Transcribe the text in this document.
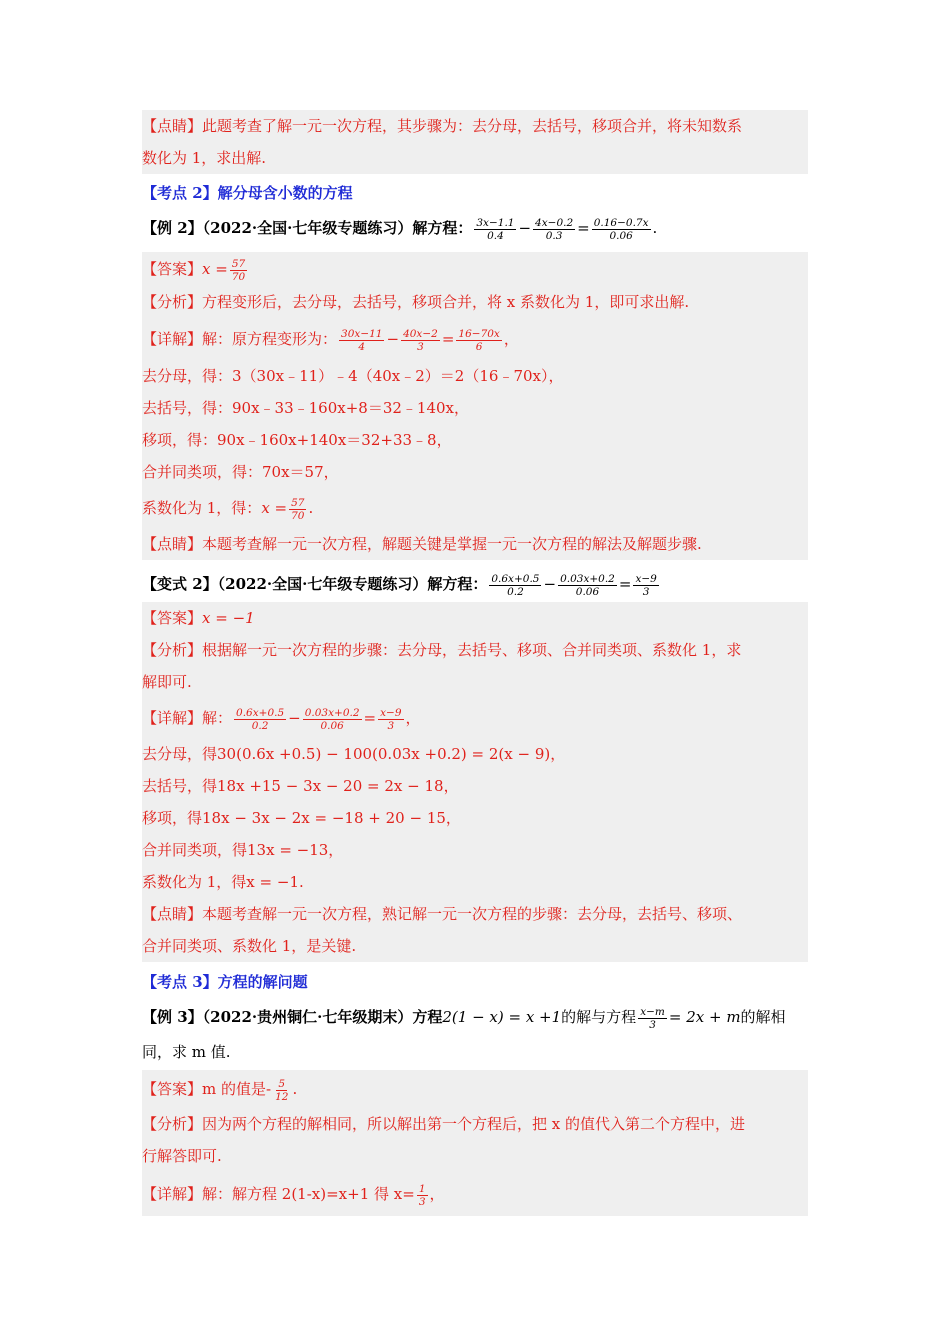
【点睛】此题考查了解一元一次方程，其步骤为：去分母，去括号，移项合并，将未知数系
数化为 1，求出解.
【考点 2】解分母含小数的方程
【例 2】（2022·全国·七年级专题练习）解方程： $\frac{3x-1.1}{0.4} - \frac{4x-0.2}{0.3} = \frac{0.16-0.7x}{0.06}$ .
【答案】$x = \frac{57}{70}$
【分析】方程变形后，去分母，去括号，移项合并，将 x 系数化为 1，即可求出解.
【详解】解：原方程变形为： $\frac{30x-11}{4} - \frac{40x-2}{3} = \frac{16-70x}{6}$ ，
去分母，得：3（30x﹣11）﹣4（40x﹣2）＝2（16﹣70x），
去括号，得：90x﹣33﹣160x+8＝32﹣140x，
移项，得：90x﹣160x+140x＝32+33﹣8，
合并同类项，得：70x＝57，
系数化为 1，得：$x = \frac{57}{70}$ .
【点睛】本题考查解一元一次方程，解题关键是掌握一元一次方程的解法及解题步骤.
【变式 2】（2022·全国·七年级专题练习）解方程： $\frac{0.6x+0.5}{0.2} - \frac{0.03x+0.2}{0.06} = \frac{x-9}{3}$
【答案】x = −1
【分析】根据解一元一次方程的步骤：去分母，去括号、移项、合并同类项、系数化 1，求
解即可.
【详解】解： $\frac{0.6x+0.5}{0.2} - \frac{0.03x+0.2}{0.06} = \frac{x-9}{3}$ ，
去分母，得30(0.6x +0.5) − 100(0.03x +0.2) = 2(x − 9)，
去括号，得18x +15 − 3x − 20 = 2x − 18，
移项，得18x − 3x − 2x = −18 + 20 − 15，
合并同类项，得13x = −13，
系数化为 1，得x = −1.
【点睛】本题考查解一元一次方程，熟记解一元一次方程的步骤：去分母，去括号、移项、
合并同类项、系数化 1，是关键.
【考点 3】方程的解问题
【例 3】（2022·贵州铜仁·七年级期末）方程2(1 − x) = x +1的解与方程 $\frac{x-m}{3} = 2x + m$的解相
同，求 m 值.
【答案】m 的值是- $\frac{5}{12}$ .
【分析】因为两个方程的解相同，所以解出第一个方程后，把 x 的值代入第二个方程中，进
行解答即可.
【详解】解：解方程 2(1-x)=x+1 得 $x= \frac{1}{3}$ ，
